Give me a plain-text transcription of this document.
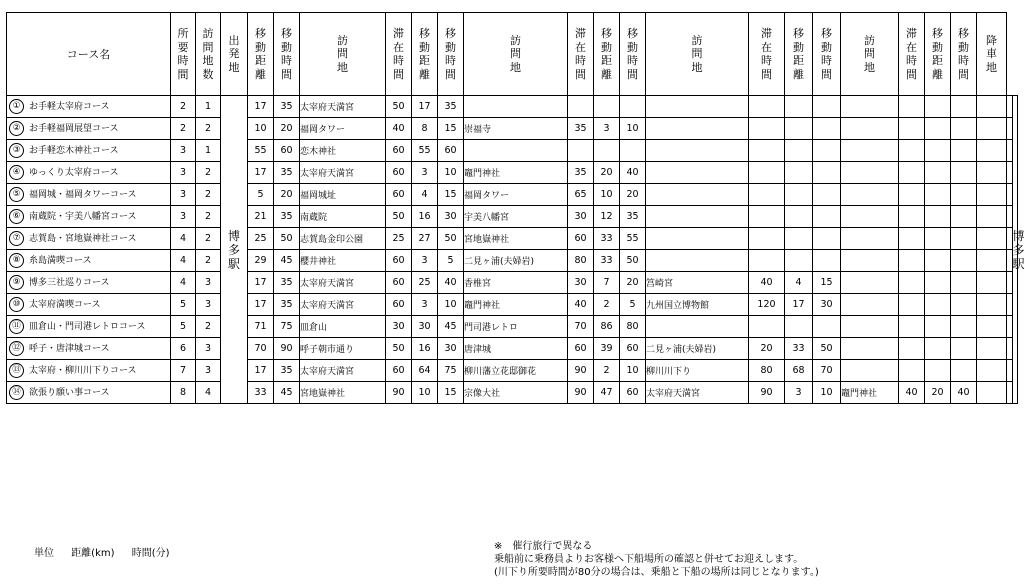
コース名	所要時間	訪問地数	出発地	移動距離	移動時間	訪問地	滞在時間	移動距離	移動時間	訪問地	滞在時間	移動距離	移動時間	訪問地	滞在時間	移動距離	移動時間	訪問地	滞在時間	移動距離	移動時間	降車地		
① お手軽太宰府コース	2	1	博多駅	17	35	太宰府天満宮	50	17	35															博多駅
② お手軽福岡展望コース	2	2		10	20	福岡タワー	40	8	15	崇福寺	35	3	10											
③ お手軽恋木神社コース	3	1		55	60	恋木神社	60	55	60															
④ ゆっくり太宰府コース	3	2		17	35	太宰府天満宮	60	3	10	竈門神社	35	20	40											
⑤ 福岡城・福岡タワーコース	3	2		5	20	福岡城址	60	4	15	福岡タワー	65	10	20											
⑥ 南蔵院・宇美八幡宮コース	3	2		21	35	南蔵院	50	16	30	宇美八幡宮	30	12	35											
⑦ 志賀島・宮地嶽神社コース	4	2		25	50	志賀島金印公園	25	27	50	宮地嶽神社	60	33	55											
⑧ 糸島満喫コース	4	2		29	45	櫻井神社	60	3	5	二見ヶ浦(夫婦岩)	80	33	50											
⑨ 博多三社巡りコース	4	3		17	35	太宰府天満宮	60	25	40	香椎宮	30	7	20	筥崎宮	40	4	15							
⑩ 太宰府満喫コース	5	3		17	35	太宰府天満宮	60	3	10	竈門神社	40	2	5	九州国立博物館	120	17	30							
⑪ 皿倉山・門司港レトロコース	5	2		71	75	皿倉山	30	30	45	門司港レトロ	70	86	80											
⑫ 呼子・唐津城コース	6	3		70	90	呼子朝市通り	50	16	30	唐津城	60	39	60	二見ヶ浦(夫婦岩)	20	33	50							
⑬ 太宰府・柳川川下りコース	7	3		17	35	太宰府天満宮	60	64	75	柳川藩立花邸御花	90	2	10	柳川川下り	80	68	70							
⑭ 欲張り願い事コース	8	4		33	45	宮地嶽神社	90	10	15	宗像大社	90	47	60	太宰府天満宮	90	3	10	竈門神社	40	20	40			
単位 距離(km) 時間(分)
※　催行旅行で異なる
乗船前に乗務員よりお客様へ下船場所の確認と併せてお迎えします。
(川下り所要時間が80分の場合は、乗船と下船の場所は同じとなります。)
